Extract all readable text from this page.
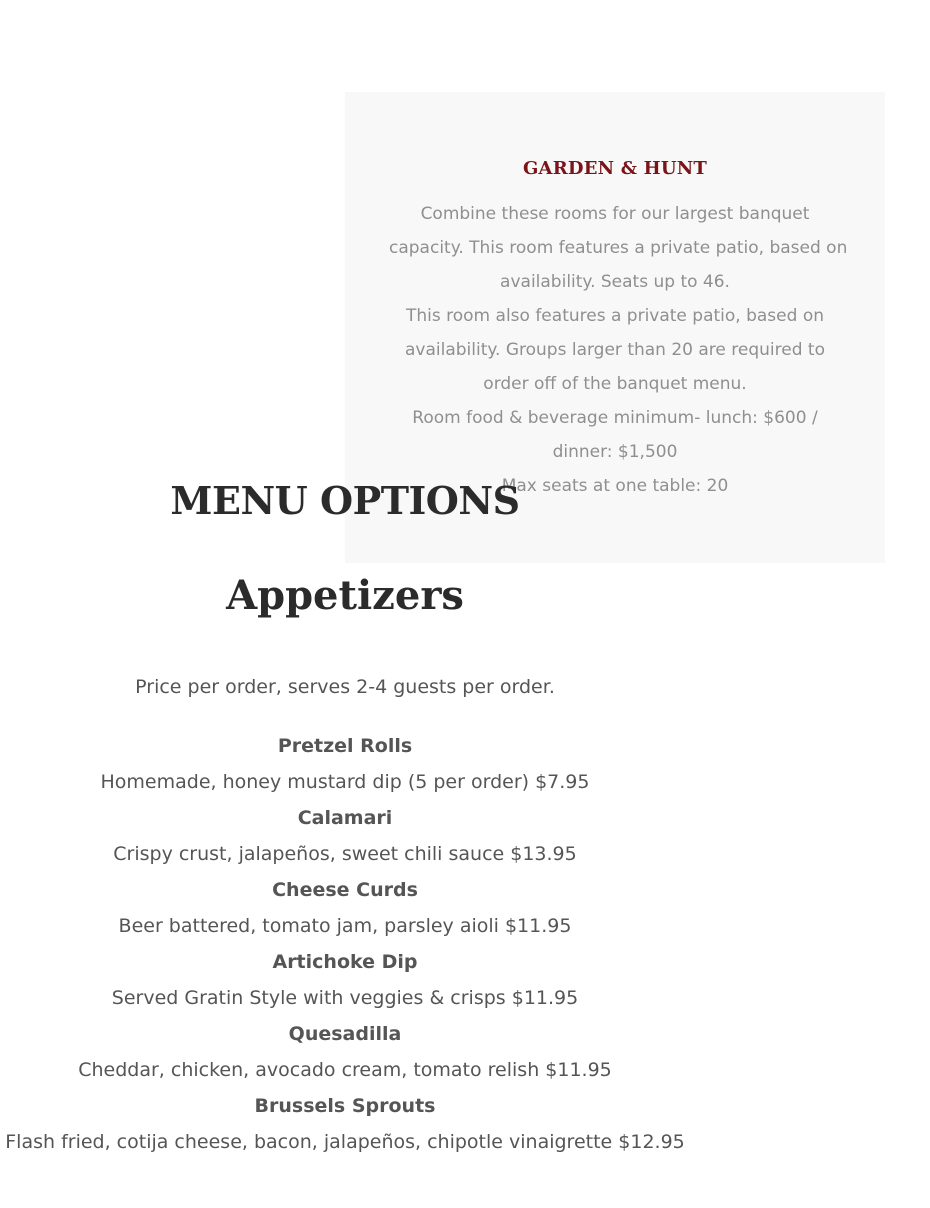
GARDEN & HUNT
Combine these rooms for our largest banquet
capacity. This room features a private patio, based on
availability. Seats up to 46.
This room also features a private patio, based on
availability. Groups larger than 20 are required to
order off of the banquet menu.
Room food & beverage minimum- lunch: $600 /
dinner: $1,500
Max seats at one table: 20
MENU OPTIONS
Appetizers

Price per order, serves 2-4 guests per order.

Pretzel Rolls
Homemade, honey mustard dip (5 per order) $7.95
Calamari
Crispy crust, jalapeños, sweet chili sauce $13.95
Cheese Curds
Beer battered, tomato jam, parsley aioli $11.95
Artichoke Dip
Served Gratin Style with veggies & crisps $11.95
Quesadilla
Cheddar, chicken, avocado cream, tomato relish $11.95
Brussels Sprouts
Flash fried, cotija cheese, bacon, jalapeños, chipotle vinaigrette $12.95
